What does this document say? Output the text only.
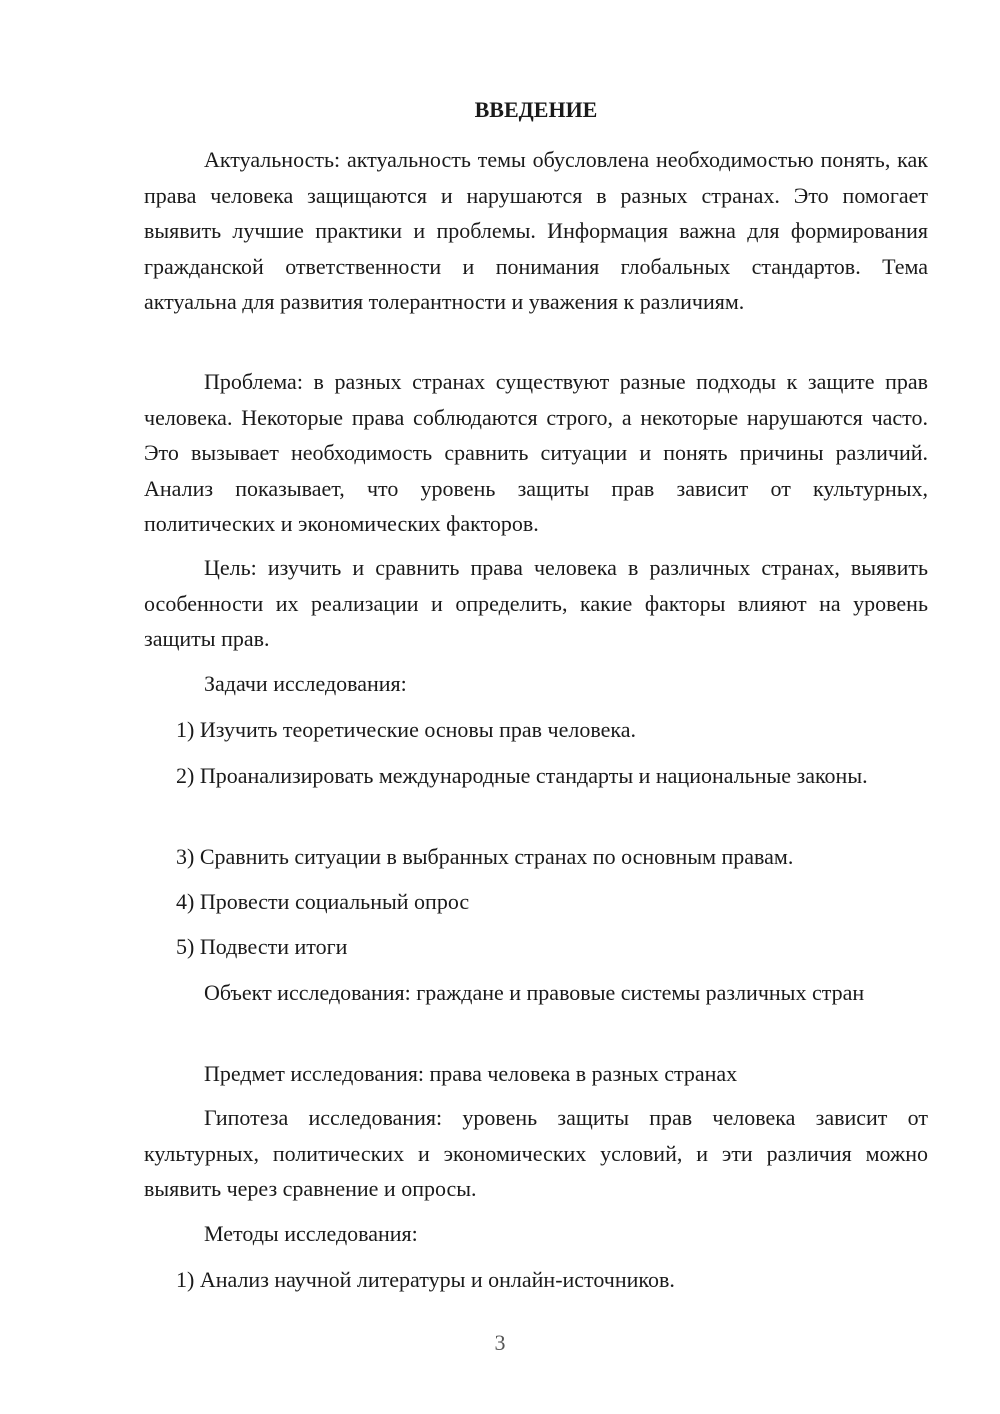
ВВЕДЕНИЕ

Актуальность: актуальность темы обусловлена необходимостью понять, как права человека защищаются и нарушаются в разных странах. Это помогает выявить лучшие практики и проблемы. Информация важна для формирования гражданской ответственности и понимания глобальных стандартов. Тема актуальна для развития толерантности и уважения к различиям.

Проблема: в разных странах существуют разные подходы к защите прав человека. Некоторые права соблюдаются строго, а некоторые нарушаются часто. Это вызывает необходимость сравнить ситуации и понять причины различий. Анализ показывает, что уровень защиты прав зависит от культурных, политических и экономических факторов.

Цель: изучить и сравнить права человека в различных странах, выявить особенности их реализации и определить, какие факторы влияют на уровень защиты прав.

Задачи исследования:

1) Изучить теоретические основы прав человека.

2) Проанализировать международные стандарты и национальные законы.

3) Сравнить ситуации в выбранных странах по основным правам.

4) Провести социальный опрос

5) Подвести итоги

Объект исследования: граждане и правовые системы различных стран

Предмет исследования: права человека в разных странах

Гипотеза исследования: уровень защиты прав человека зависит от культурных, политических и экономических условий, и эти различия можно выявить через сравнение и опросы.

Методы исследования:

1) Анализ научной литературы и онлайн-источников.

3
